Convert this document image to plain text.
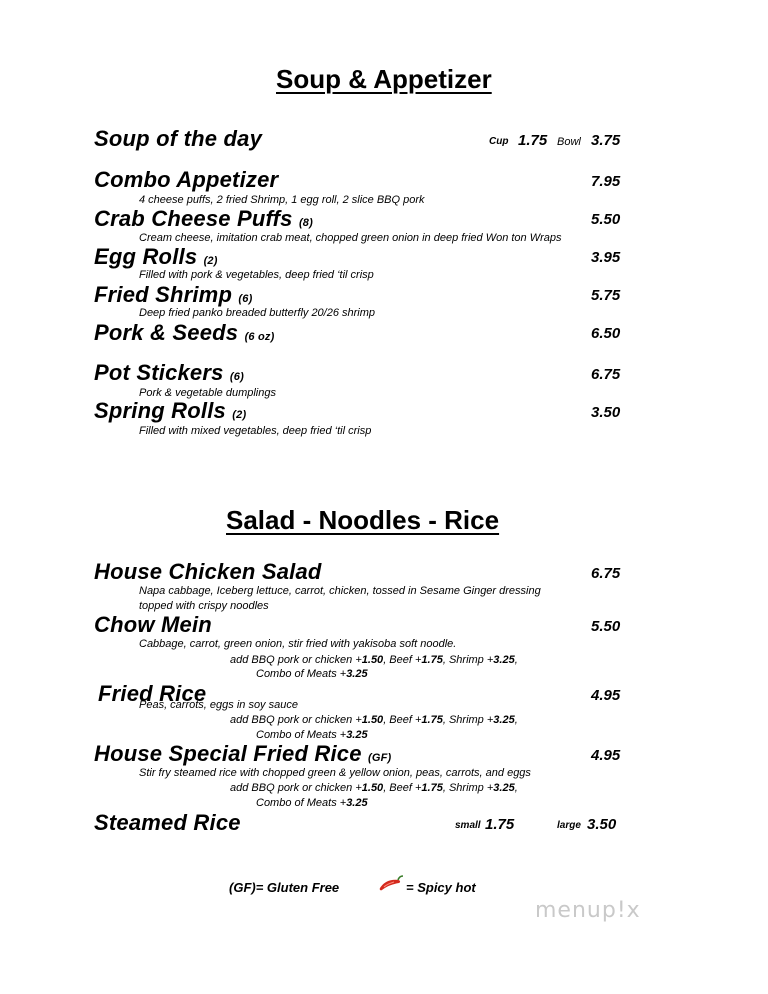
Soup & Appetizer
Soup of the day	Cup 1.75 Bowl 3.75
Combo Appetizer	7.95
4 cheese puffs, 2 fried Shrimp, 1 egg roll, 2 slice BBQ pork
Crab Cheese Puffs (8)	5.50
Cream cheese, imitation crab meat, chopped green onion in deep fried Won ton Wraps
Egg Rolls (2)	3.95
Filled with pork & vegetables, deep fried ‘til crisp
Fried Shrimp (6)	5.75
Deep fried panko breaded butterfly 20/26 shrimp
Pork & Seeds (6 oz)	6.50
Pot Stickers (6)	6.75
Pork & vegetable dumplings
Spring Rolls (2)	3.50
Filled with mixed vegetables, deep fried ‘til crisp
Salad - Noodles - Rice
House Chicken Salad	6.75
Napa cabbage, Iceberg lettuce, carrot, chicken, tossed in Sesame Ginger dressing
topped with crispy noodles
Chow Mein	5.50
Cabbage, carrot, green onion, stir fried with yakisoba soft noodle.
add BBQ pork or chicken +1.50, Beef +1.75, Shrimp +3.25,
Combo of Meats +3.25
Fried Rice	4.95
Peas, carrots, eggs in soy sauce
add BBQ pork or chicken +1.50, Beef +1.75, Shrimp +3.25,
Combo of Meats +3.25
House Special Fried Rice (GF)	4.95
Stir fry steamed rice with chopped green & yellow onion, peas, carrots, and eggs
add BBQ pork or chicken +1.50, Beef +1.75, Shrimp +3.25,
Combo of Meats +3.25
Steamed Rice	small 1.75	large 3.50
(GF)= Gluten Free	= Spicy hot
menup!x
